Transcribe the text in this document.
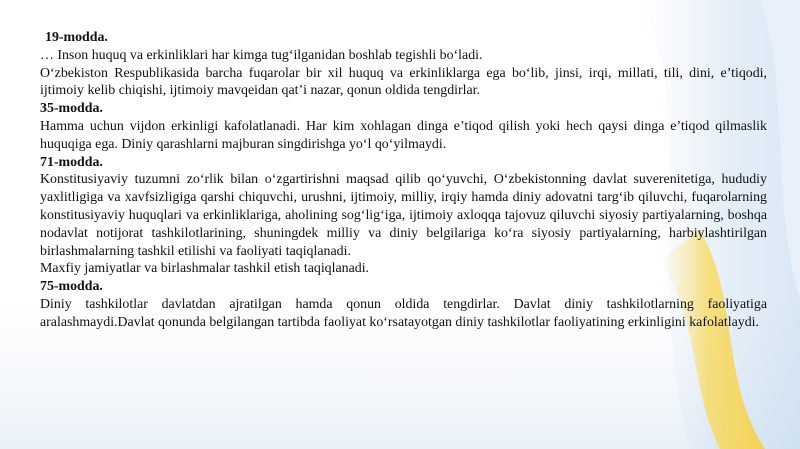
19-modda.

… Inson huquq va erkinliklari har kimga tug‘ilganidan boshlab tegishli bo‘ladi.

O‘zbekiston Respublikasida barcha fuqarolar bir xil huquq va erkinliklarga ega bo‘lib, jinsi, irqi, millati, tili, dini, e’tiqodi, ijtimoiy kelib chiqishi, ijtimoiy mavqeidan qat’i nazar, qonun oldida tengdirlar.

35-modda.

Hamma uchun vijdon erkinligi kafolatlanadi. Har kim xohlagan dinga e’tiqod qilish yoki hech qaysi dinga e’tiqod qilmaslik huquqiga ega. Diniy qarashlarni majburan singdirishga yo‘l qo‘yilmaydi.

71-modda.

Konstitusiyaviy tuzumni zo‘rlik bilan o‘zgartirishni maqsad qilib qo‘yuvchi, O‘zbekistonning davlat suverenitetiga, hududiy yaxlitligiga va xavfsizligiga qarshi chiquvchi, urushni, ijtimoiy, milliy, irqiy hamda diniy adovatni targ‘ib qiluvchi, fuqarolarning konstitusiyaviy huquqlari va erkinliklariga, aholining sog‘lig‘iga, ijtimoiy axloqqa tajovuz qiluvchi siyosiy partiyalarning, boshqa nodavlat notijorat tashkilotlarining, shuningdek milliy va diniy belgilariga ko‘ra siyosiy partiyalarning, harbiylashtirilgan birlashmalarning tashkil etilishi va faoliyati taqiqlanadi.

Maxfiy jamiyatlar va birlashmalar tashkil etish taqiqlanadi.

75-modda.

Diniy tashkilotlar davlatdan ajratilgan hamda qonun oldida tengdirlar. Davlat diniy tashkilotlarning faoliyatiga aralashmaydi.Davlat qonunda belgilangan tartibda faoliyat ko‘rsatayotgan diniy tashkilotlar faoliyatining erkinligini kafolatlaydi.
